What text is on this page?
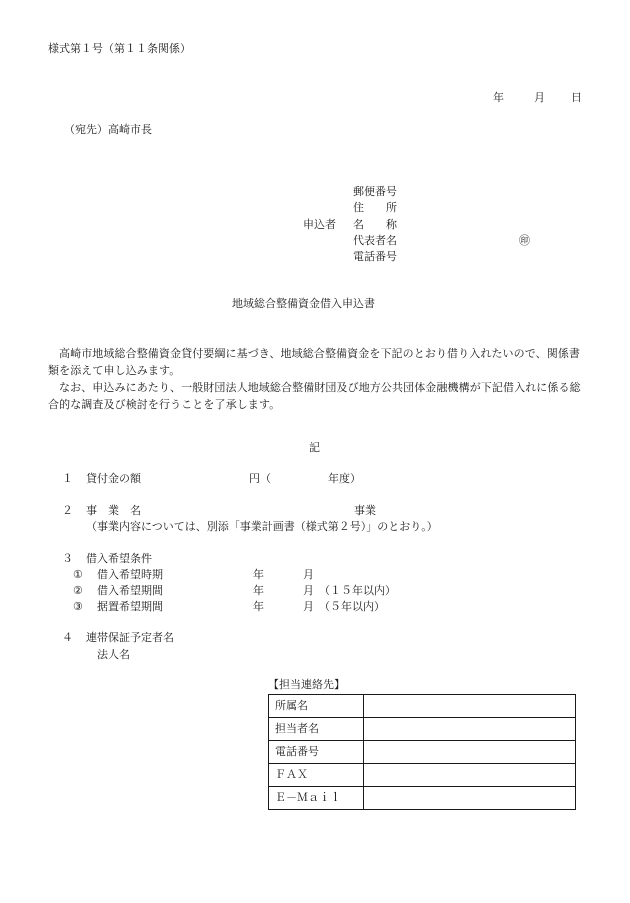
様式第１号（第１１条関係）
年	月 日
（宛先）高崎市長
申込者
郵便番号
住　　所
名　　称
代表者名	㊞
電話番号
地域総合整備資金借入申込書
高崎市地域総合整備資金貸付要綱に基づき、地域総合整備資金を下記のとおり借り入れたいので、関係書類を添えて申し込みます。
なお、申込みにあたり、一般財団法人地域総合整備財団及び地方公共団体金融機構が下記借入れに係る総合的な調査及び検討を行うことを了承します。
記
１ 貸付金の額	円（	年度）
２ 事　業　名	事業
（事業内容については、別添「事業計画書（様式第２号）」のとおり。）
３ 借入希望条件
① 借入希望時期	年	月
② 借入希望期間	年	月 （１５年以内）
③ 据置希望期間	年	月 （５年以内）
４ 連帯保証予定者名
法人名
【担当連絡先】
所属名	
担当者名	
電話番号	
ＦＡＸ	
Ｅ－Ｍａｉｌ	
